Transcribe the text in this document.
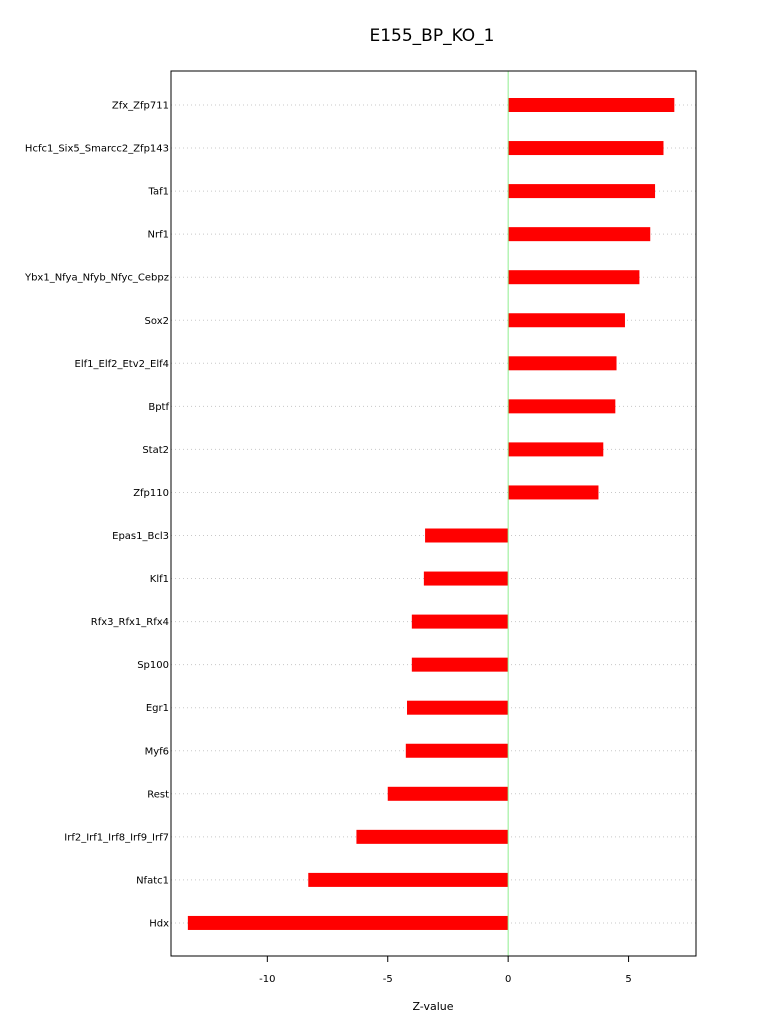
E155_BP_KO_1
Zfx_Zfp711
Hcfc1_Six5_Smarcc2_Zfp143
Taf1
Nrf1
Ybx1_Nfya_Nfyb_Nfyc_Cebpz
Sox2
Elf1_Elf2_Etv2_Elf4
Bptf
Stat2
Zfp110
Epas1_Bcl3
Klf1
Rfx3_Rfx1_Rfx4
Sp100
Egr1
Myf6
Rest
Irf2_Irf1_Irf8_Irf9_Irf7
Nfatc1
Hdx
-10	-5	0	5
Z-value
